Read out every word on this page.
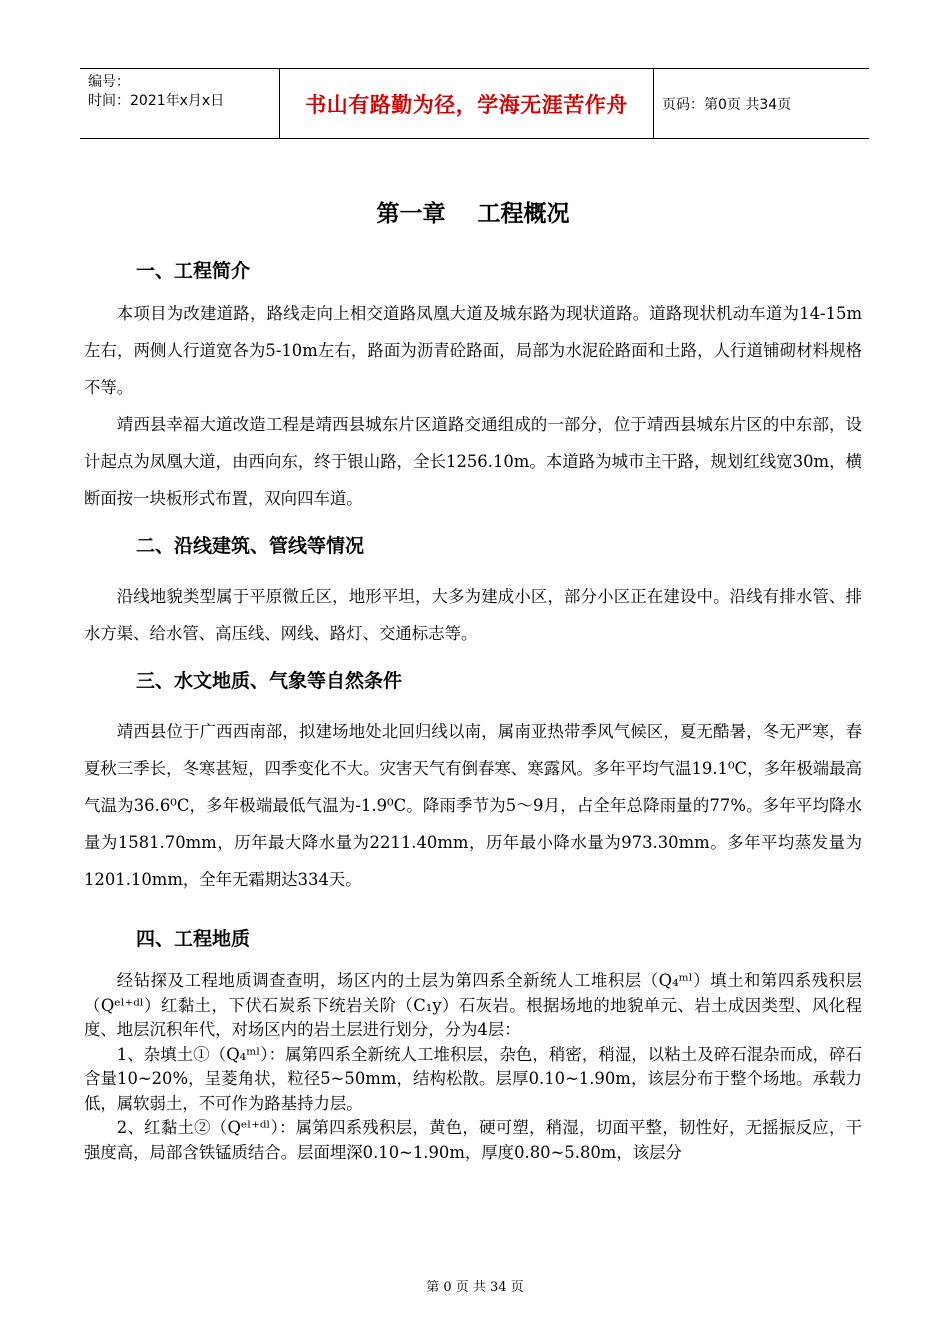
编号：
时间：2021年x月x日	书山有路勤为径，学海无涯苦作舟	页码：第0页 共34页
第一章    工程概况
一、工程简介

本项目为改建道路，路线走向上相交道路凤凰大道及城东路为现状道路。道路现状机动车道为14-15m左右，两侧人行道宽各为5-10m左右，路面为沥青砼路面，局部为水泥砼路面和土路，人行道铺砌材料规格不等。

靖西县幸福大道改造工程是靖西县城东片区道路交通组成的一部分，位于靖西县城东片区的中东部，设计起点为凤凰大道，由西向东，终于银山路，全长1256.10m。本道路为城市主干路，规划红线宽30m，横断面按一块板形式布置，双向四车道。

二、沿线建筑、管线等情况

沿线地貌类型属于平原微丘区，地形平坦，大多为建成小区，部分小区正在建设中。沿线有排水管、排水方渠、给水管、高压线、网线、路灯、交通标志等。

三、水文地质、气象等自然条件

靖西县位于广西西南部，拟建场地处北回归线以南，属南亚热带季风气候区，夏无酷暑，冬无严寒，春夏秋三季长，冬寒甚短，四季变化不大。灾害天气有倒春寒、寒露风。多年平均气温19.1⁰C，多年极端最高气温为36.6⁰C，多年极端最低气温为-1.9⁰C。降雨季节为5～9月，占全年总降雨量的77%。多年平均降水量为1581.70mm，历年最大降水量为2211.40mm，历年最小降水量为973.30mm。多年平均蒸发量为1201.10mm，全年无霜期达334天。

四、工程地质

经钻探及工程地质调查查明，场区内的土层为第四系全新统人工堆积层（Q₄ᵐˡ）填土和第四系残积层（Qᵉˡ⁺ᵈˡ）红黏土，下伏石炭系下统岩关阶（C₁y）石灰岩。根据场地的地貌单元、岩土成因类型、风化程度、地层沉积年代，对场区内的岩土层进行划分，分为4层：

1、杂填土①（Q₄ᵐˡ）：属第四系全新统人工堆积层，杂色，稍密，稍湿，以粘土及碎石混杂而成，碎石含量10~20%，呈菱角状，粒径5~50mm，结构松散。层厚0.10~1.90m，该层分布于整个场地。承载力低，属软弱土，不可作为路基持力层。

2、红黏土②（Qᵉˡ⁺ᵈˡ）：属第四系残积层，黄色，硬可塑，稍湿，切面平整，韧性好，无摇振反应，干强度高，局部含铁锰质结合。层面埋深0.10~1.90m，厚度0.80~5.80m，该层分

第 0 页 共 34 页
